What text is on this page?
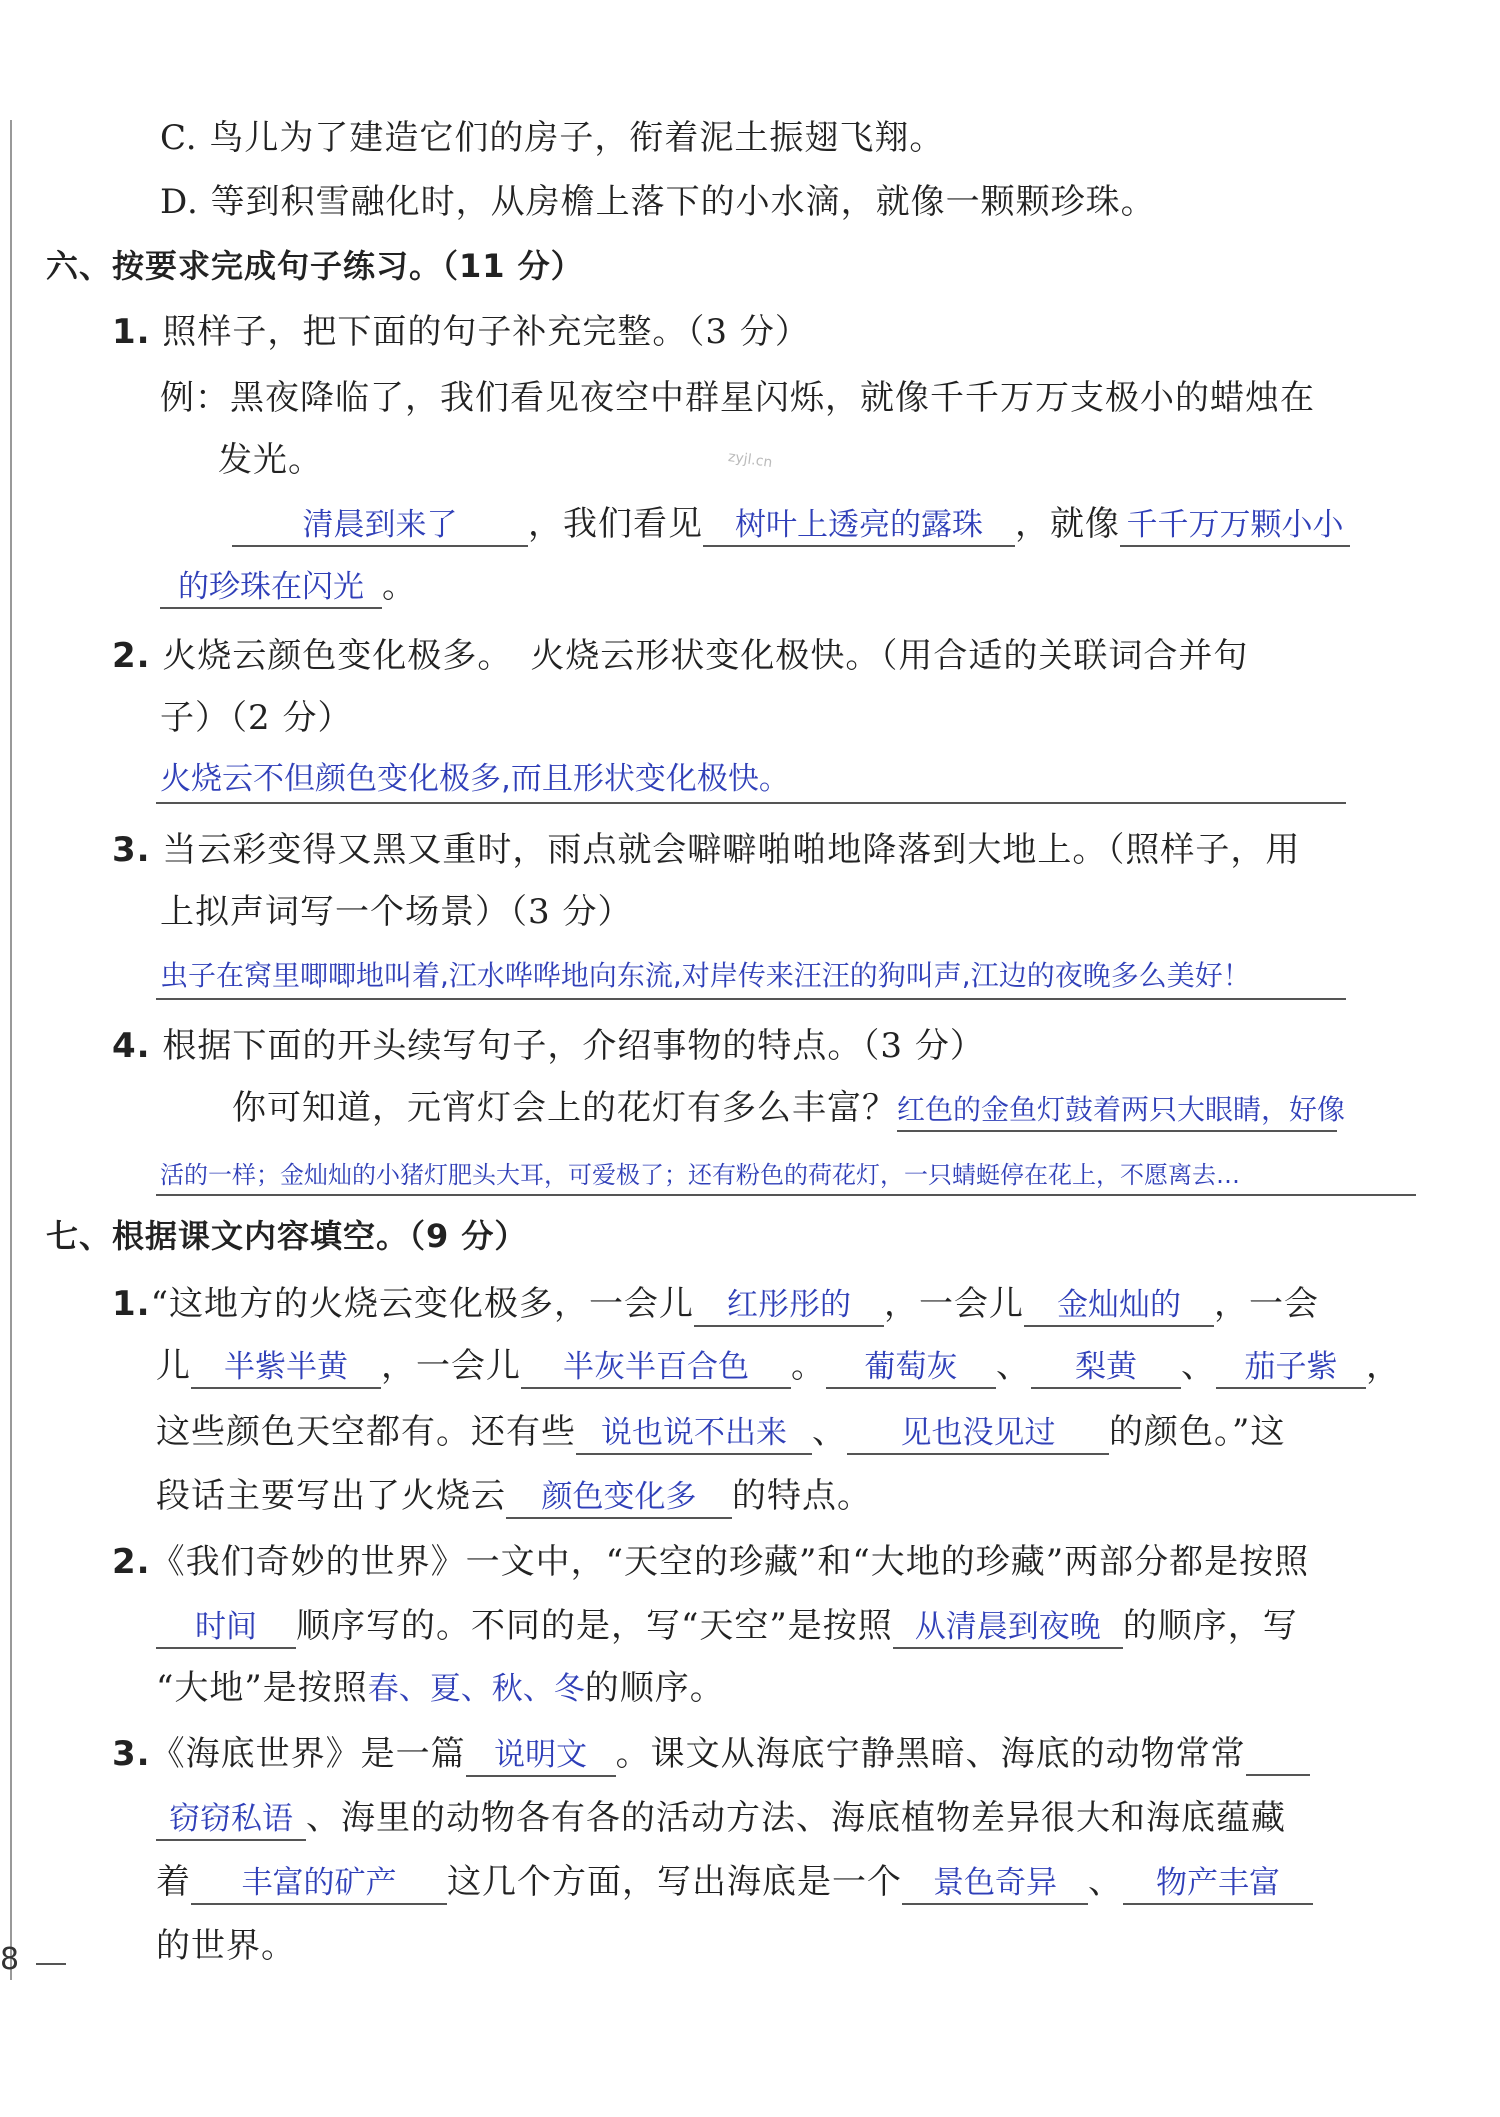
C. 鸟儿为了建造它们的房子，衔着泥土振翅飞翔。
D. 等到积雪融化时，从房檐上落下的小水滴，就像一颗颗珍珠。
六、按要求完成句子练习。（11 分）
1. 照样子，把下面的句子补充完整。（3 分）
例：黑夜降临了，我们看见夜空中群星闪烁，就像千千万万支极小的蜡烛在
发光。
清晨到来了 ，我们看见 树叶上透亮的露珠 ，就像 千千万万颗小小
的珍珠在闪光 。
2. 火烧云颜色变化极多。　火烧云形状变化极快。（用合适的关联词合并句
子）（2 分）
火烧云不但颜色变化极多,而且形状变化极快。
3. 当云彩变得又黑又重时，雨点就会噼噼啪啪地降落到大地上。（照样子，用
上拟声词写一个场景）（3 分）
虫子在窝里唧唧地叫着,江水哗哗地向东流,对岸传来汪汪的狗叫声,江边的夜晚多么美好！
4. 根据下面的开头续写句子，介绍事物的特点。（3 分）
你可知道，元宵灯会上的花灯有多么丰富？红色的金鱼灯鼓着两只大眼睛，好像
活的一样；金灿灿的小猪灯肥头大耳，可爱极了；还有粉色的荷花灯，一只蜻蜓停在花上，不愿离去…
七、根据课文内容填空。（9 分）
1.“这地方的火烧云变化极多，一会儿 红彤彤的 ，一会儿 金灿灿的 ，一会
儿 半紫半黄 ，一会儿 半灰半百合色 。 葡萄灰 、 梨黄 、 茄子紫 ，
这些颜色天空都有。还有些 说也说不出来 、 见也没见过 的颜色。”这
段话主要写出了火烧云 颜色变化多 的特点。
2.《我们奇妙的世界》一文中，“天空的珍藏”和“大地的珍藏”两部分都是按照
时间 顺序写的。不同的是，写“天空”是按照 从清晨到夜晚 的顺序，写
“大地”是按照春、夏、秋、冬的顺序。
3.《海底世界》是一篇 说明文 。课文从海底宁静黑暗、海底的动物常常
窃窃私语 、海里的动物各有各的活动方法、海底植物差异很大和海底蕴藏
着 丰富的矿产 这几个方面，写出海底是一个 景色奇异 、 物产丰富
的世界。
8
zyjl.cn
